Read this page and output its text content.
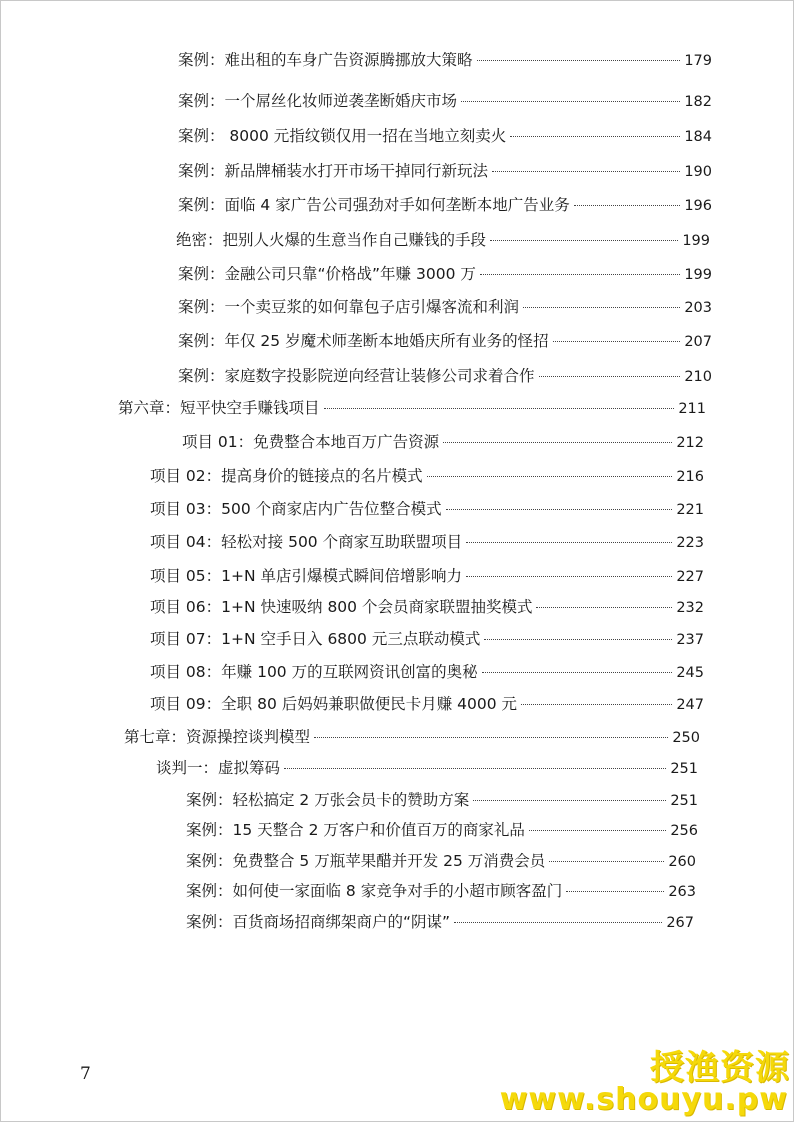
案例：难出租的车身广告资源腾挪放大策略	179
案例：一个屌丝化妆师逆袭垄断婚庆市场	182
案例： 8000 元指纹锁仅用一招在当地立刻卖火	184
案例：新品牌桶装水打开市场干掉同行新玩法	190
案例：面临 4 家广告公司强劲对手如何垄断本地广告业务	196
绝密：把别人火爆的生意当作自己赚钱的手段	199
案例：金融公司只靠“价格战”年赚 3000 万	199
案例：一个卖豆浆的如何靠包子店引爆客流和利润	203
案例：年仅 25 岁魔术师垄断本地婚庆所有业务的怪招	207
案例：家庭数字投影院逆向经营让装修公司求着合作	210
第六章：短平快空手赚钱项目	211
项目 01：免费整合本地百万广告资源	212
项目 02：提高身价的链接点的名片模式	216
项目 03：500 个商家店内广告位整合模式	221
项目 04：轻松对接 500 个商家互助联盟项目	223
项目 05：1+N 单店引爆模式瞬间倍增影响力	227
项目 06：1+N 快速吸纳 800 个会员商家联盟抽奖模式	232
项目 07：1+N 空手日入 6800 元三点联动模式	237
项目 08：年赚 100 万的互联网资讯创富的奥秘	245
项目 09：全职 80 后妈妈兼职做便民卡月赚 4000 元	247
第七章：资源操控谈判模型	250
谈判一：虚拟筹码	251
案例：轻松搞定 2 万张会员卡的赞助方案	251
案例：15 天整合 2 万客户和价值百万的商家礼品	256
案例：免费整合 5 万瓶苹果醋并开发 25 万消费会员	260
案例：如何使一家面临 8 家竞争对手的小超市顾客盈门	263
案例：百货商场招商绑架商户的“阴谋”	267
7	授渔资源
www.shouyu.pw
